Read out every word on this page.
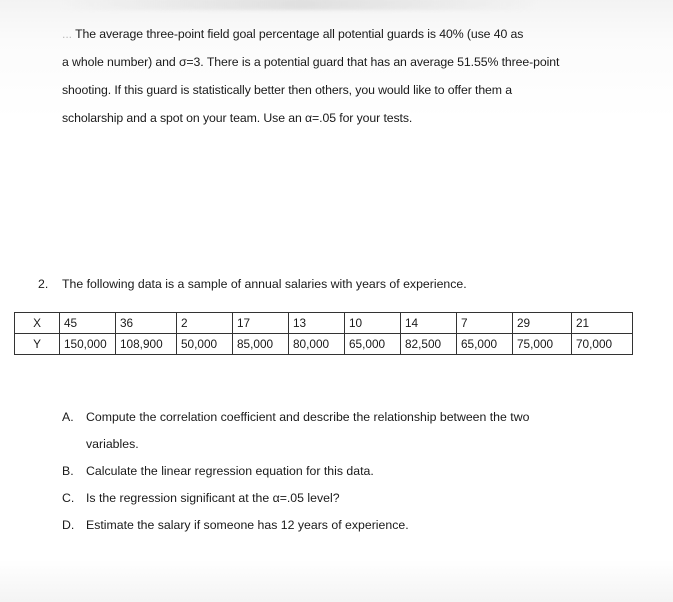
... The average three-point field goal percentage all potential guards is 40% (use 40 as
a whole number) and σ=3. There is a potential guard that has an average 51.55% three-point
shooting. If this guard is statistically better then others, you would like to offer them a
scholarship and a spot on your team. Use an α=.05 for your tests.
2. The following data is a sample of annual salaries with years of experience.
X	45	36	2	17	13	10	14	7	29	21
Y	150,000	108,900	50,000	85,000	80,000	65,000	82,500	65,000	75,000	70,000
A. Compute the correlation coefficient and describe the relationship between the two
variables.
B. Calculate the linear regression equation for this data.
C. Is the regression significant at the α=.05 level?
D. Estimate the salary if someone has 12 years of experience.
